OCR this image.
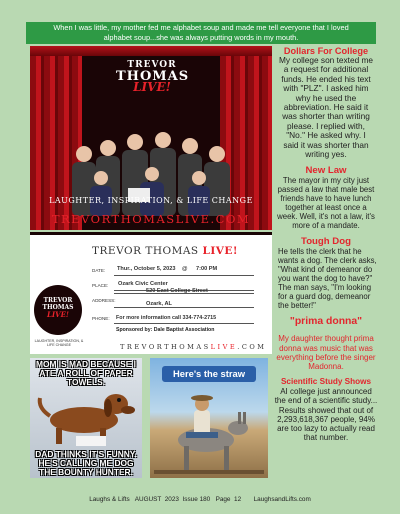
When I was little, my mother fed me alphabet soup and made me tell everyone that I loved
alphabet soup...she was always putting words in my mouth.
TREVOR
THOMAS
LIVE!
LAUGHTER, INSPIRATION, & LIFE CHANGE
TREVORTHOMASLIVE.COM
TREVOR
THOMAS
LIVE!
LAUGHTER, INSPIRATION, & LIFE CHANGE
TREVOR THOMAS LIVE!
DATE: Thur., October 5, 2023 @ 7:00 PM
PLACE: Ozark Civic Center
ADDRESS:
520 East College Street
Ozark, AL
PHONE: For more information call 334-774-2715
Sponsored by: Dale Baptist Association
TREVORTHOMASLIVE.COM
MOM IS MAD BECAUSE I ATE A ROLL OF PAPER TOWELS.
DAD THINKS IT'S FUNNY. HE'S CALLING ME DOG THE BOUNTY HUNTER.
Here's the straw
Dollars For College
My college son texted me a request for additional funds. He ended his text with "PLZ". I asked him why he used the abbreviation. He said it was shorter than writing please. I replied with, "No." He asked why. I said it was shorter than writing yes.
New Law
The mayor in my city just passed a law that male best friends have to have lunch together at least once a week. Well, it's not a law, it's more of a mandate.
Tough Dog
He tells the clerk that he wants a dog. The clerk asks, "What kind of demeanor do you want the dog to have?" The man says, "I'm looking for a guard dog, demeanor the better!"
"prima donna"
My daughter thought prima donna was music that was everything before the singer Madonna.
Scientific Study Shows
AI college just announced the end of a scientific study... Results showed that out of 2,293,618,367 people, 94% are too lazy to actually read that number.
Laughs & Lifts AUGUST  2023  Issue 180 Page  12 LaughsandLifts.com
